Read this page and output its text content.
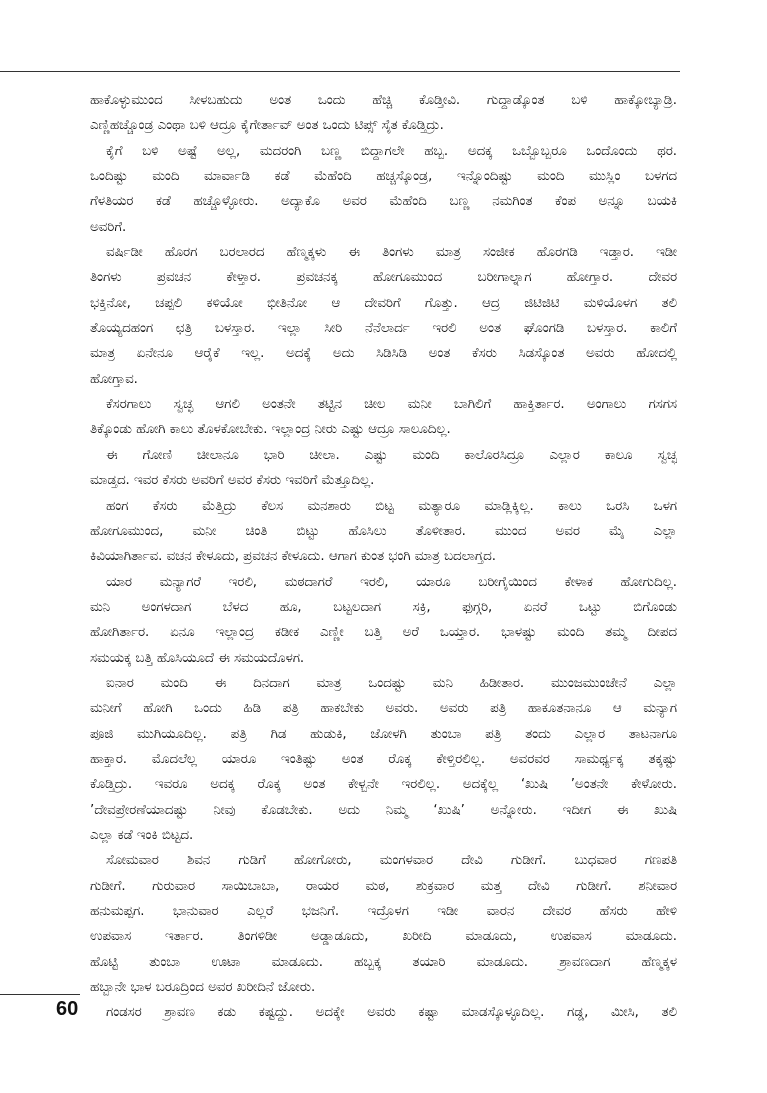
ಹಾಕೊಳ್ಳುಮುಂದ ಸೀಳಬಹುದು ಅಂತ ಒಂದು ಹೆಚ್ಚಿ ಕೊಡ್ತೀವಿ. ಗುದ್ದಾಡ್ಕೊಂತ ಬಳಿ ಹಾಕ್ಕೋಬ್ಯಾಡ್ರಿ.
ಎಣ್ಣಿಹಚ್ಚೊಂಡ್ರ ಎಂಥಾ ಬಳಿ ಆದ್ರೂ ಕೈಗೇರ್ತಾವ್ ಅಂತ ಒಂದು ಟಿಪ್ಸ್ ಸೈತ ಕೊಡ್ತಿದ್ರು.
ಕೈಗೆ ಬಳಿ ಅಷ್ಟೆ ಅಲ್ಲ, ಮದರಂಗಿ ಬಣ್ಣ ಬಿದ್ದಾಗಲೇ ಹಬ್ಬ. ಅದಕ್ಕ ಒಬ್ಬೊಬ್ಬರೂ ಒಂದೊಂದು ಥರ.
ಒಂದಿಷ್ಟು ಮಂದಿ ಮಾರ್ವಾಡಿ ಕಡೆ ಮೆಹೆಂದಿ ಹಚ್ಚಸ್ಕೊಂಡ್ರ, ಇನ್ನೊಂದಿಷ್ಟು ಮಂದಿ ಮುಸ್ಲಿಂ ಬಳಗದ
ಗೆಳತಿಯರ ಕಡೆ ಹಚ್ಚೊಳ್ಳೋರು. ಅದ್ಯಾಕೊ ಅವರ ಮೆಹೆಂದಿ ಬಣ್ಣ ನಮಗಿಂತ ಕೆಂಪ ಅನ್ನೂ ಬಯಕಿ
ಅವರಿಗೆ.
ವರ್ಷಿಡೀ ಹೊರಗ ಬರಲಾರದ ಹೆಣ್ಮಕ್ಕಳು ಈ ತಿಂಗಳು ಮಾತ್ರ ಸಂಜೀಕ ಹೊರಗಡಿ ಇಡ್ತಾರ. ಇಡೀ
ತಿಂಗಳು ಪ್ರವಚನ ಕೇಳ್ತಾರ. ಪ್ರವಚನಕ್ಕ ಹೋಗೂಮುಂದ ಬರೀಗಾಲ್ನಾಗ ಹೋಗ್ತಾರ. ದೇವರ
ಭಕ್ತಿನೋ, ಚಪ್ಪಲಿ ಕಳಿಯೋ ಭೀತಿನೋ ಆ ದೇವರಿಗೆ ಗೊತ್ತು. ಆದ್ರ ಜಿಟಿಜಿಟಿ ಮಳಿಯೊಳಗ ತಲಿ
ತೊಯ್ಯದಹಂಗ ಛತ್ರಿ ಬಳಸ್ತಾರ. ಇಲ್ಲಾ ಸೀರಿ ನೆನೆಲಾರ್ದ ಇರಲಿ ಅಂತ ಘೊಂಗಡಿ ಬಳಸ್ತಾರ. ಕಾಲಿಗೆ
ಮಾತ್ರ ಏನೇನೂ ಆರೈಕೆ ಇಲ್ಲ. ಅದಕ್ಕೆ ಅದು ಸಿಡಿಸಿಡಿ ಅಂತ ಕೆಸರು ಸಿಡಸ್ಕೊಂತ ಅವರು ಹೋದಲ್ಲಿ
ಹೋಗ್ತಾವ.
ಕೆಸರಗಾಲು ಸ್ವಚ್ಛ ಆಗಲಿ ಅಂತನೇ ತಟ್ಟಿನ ಚೀಲ ಮನೀ ಬಾಗಿಲಿಗೆ ಹಾಕ್ತಿರ್ತಾರ. ಅಂಗಾಲು ಗಸಗಸ
ತಿಕ್ಕೊಂಡು ಹೋಗಿ ಕಾಲು ತೊಳಕೋಬೇಕು. ಇಲ್ಲಾಂದ್ರ ನೀರು ಎಷ್ಟು ಆದ್ರೂ ಸಾಲೂದಿಲ್ಲ.
ಈ ಗೋಣಿ ಚೀಲಾನೂ ಭಾರಿ ಚೀಲಾ. ಎಷ್ಟು ಮಂದಿ ಕಾಲೊರಸಿದ್ರೂ ಎಲ್ಲಾರ ಕಾಲೂ ಸ್ವಚ್ಛ
ಮಾಡ್ತದ. ಇವರ ಕೆಸರು ಅವರಿಗೆ ಅವರ ಕೆಸರು ಇವರಿಗೆ ಮೆತ್ತೂದಿಲ್ಲ.
ಹಂಗ ಕೆಸರು ಮೆತ್ತಿದ್ರು ಕೆಲಸ ಮನಶಾರು ಬಿಟ್ಟ ಮತ್ಯಾರೂ ಮಾಡ್ಲಿಕ್ಕಿಲ್ಲ. ಕಾಲು ಒರಸಿ ಒಳಗ
ಹೋಗೂಮುಂದ, ಮನೀ ಚಿಂತಿ ಬಿಟ್ಟು ಹೊಸಿಲು ತೊಳೀತಾರ. ಮುಂದ ಅವರ ಮೈ ಎಲ್ಲಾ
ಕಿವಿಯಾಗಿರ್ತಾವ. ವಚನ ಕೇಳೂದು, ಪ್ರವಚನ ಕೇಳೂದು. ಆಗಾಗ ಕುಂತ ಭಂಗಿ ಮಾತ್ರ ಬದಲಾಗ್ತದ.
ಯಾರ ಮನ್ಯಾಗರೆ ಇರಲಿ, ಮಠದಾಗರೆ ಇರಲಿ, ಯಾರೂ ಬರೀಗೈಯಿಂದ ಕೇಳಾಕ ಹೋಗುದಿಲ್ಲ.
ಮನಿ ಅಂಗಳದಾಗ ಬೆಳದ ಹೂ, ಬಟ್ಟಲದಾಗ ಸಕ್ರಿ, ಫುಗ್ಗರಿ, ಏನರೆ ಒಟ್ಟು ಬಿಗೊಂಡು
ಹೋಗಿರ್ತಾರ. ಏನೂ ಇಲ್ಲಾಂದ್ರ ಕಡೀಕ ಎಣ್ಣೀ ಬತ್ತಿ ಅರೆ ಒಯ್ತಾರ. ಭಾಳಷ್ಟು ಮಂದಿ ತಮ್ಮ ದೀಪದ
ಸಮಯಕ್ಕ ಬತ್ತಿ ಹೊಸಿಯೂದೆ ಈ ಸಮಯದೊಳಗ.
ಐನಾರ ಮಂದಿ ಈ ದಿನದಾಗ ಮಾತ್ರ ಒಂದಷ್ಟು ಮನಿ ಹಿಡೀತಾರ. ಮುಂಜಮುಂಜೇನೆ ಎಲ್ಲಾ
ಮನೀಗೆ ಹೋಗಿ ಒಂದು ಹಿಡಿ ಪತ್ರಿ ಹಾಕಬೇಕು ಅವರು. ಅವರು ಪತ್ರಿ ಹಾಕೂತನಾನೂ ಆ ಮನ್ಯಾಗ
ಪೂಜಿ ಮುಗಿಯೂದಿಲ್ಲ. ಪತ್ರಿ ಗಿಡ ಹುಡುಕಿ, ಜೋಳಗಿ ತುಂಬಾ ಪತ್ರಿ ತಂದು ಎಲ್ಲಾರ ತಾಟನಾಗೂ
ಹಾಕ್ತಾರ. ಮೊದಲೆಲ್ಲ ಯಾರೂ ಇಂತಿಷ್ಟು ಅಂತ ರೊಕ್ಕ ಕೇಳ್ತಿರಲಿಲ್ಲ. ಅವರವರ ಸಾಮರ್ಥ್ಯಕ್ಕ ತಕ್ಕಷ್ಟು
ಕೊಡ್ತಿದ್ರು. ಇವರೂ ಅದಕ್ಕ ರೊಕ್ಕ ಅಂತ ಕೇಳ್ಬನೇ ಇರಲಿಲ್ಲ. ಅದಕ್ಕೆಲ್ಲ ‘ಖುಷಿ ’ಅಂತನೇ ಕೇಳೋರು.
’ದೇವಪ್ರೇರಣೆಯಾದಷ್ಟು ನೀವು ಕೊಡಬೇಕು. ಅದು ನಿಮ್ಮ ‘ಖುಷಿ’ ಅನ್ನೋರು. ಇದೀಗ ಈ ಖುಷಿ
ಎಲ್ಲಾ ಕಡೆ ಇಂಕಿ ಬಿಟ್ಟದ.
ಸೋಮವಾರ ಶಿವನ ಗುಡಿಗೆ ಹೋಗೋರು, ಮಂಗಳವಾರ ದೇವಿ ಗುಡೀಗೆ. ಬುಧವಾರ ಗಣಪತಿ
ಗುಡೀಗೆ. ಗುರುವಾರ ಸಾಯಿಬಾಬಾ, ರಾಯರ ಮಠ, ಶುಕ್ರವಾರ ಮತ್ತ ದೇವಿ ಗುಡೀಗೆ. ಶನೀವಾರ
ಹನುಮಪ್ಪಗ. ಭಾನುವಾರ ಎಲ್ಲರೆ ಭಜನಿಗೆ. ಇದ್ರೊಳಗ ಇಡೀ ವಾರನ ದೇವರ ಹೆಸರು ಹೇಳಿ
ಉಪವಾಸ ಇರ್ತಾರ. ತಿಂಗಳಿಡೀ ಅಡ್ಡಾಡೂದು, ಖರೀದಿ ಮಾಡೂದು, ಉಪವಾಸ ಮಾಡೂದು.
ಹೊಟ್ಟಿ ತುಂಬಾ ಊಟಾ ಮಾಡೂದು. ಹಬ್ಬಕ್ಕ ತಯಾರಿ ಮಾಡೂದು. ಶ್ರಾವಣದಾಗ ಹೆಣ್ಮಕ್ಕಳ
ಹಬ್ಬಾನೇ ಭಾಳ ಬರೂದ್ರಿಂದ ಅವರ ಖರೀದಿನೆ ಜೋರು.
ಗಂಡಸರ ಶ್ರಾವಣ ಕಡು ಕಷ್ಟದ್ದು. ಅದಕ್ಕೇ ಅವರು ಕಷ್ಟಾ ಮಾಡಸ್ಕೊಳ್ಳೂದಿಲ್ಲ. ಗಡ್ಡ, ಮೀಸಿ, ತಲಿ
60
